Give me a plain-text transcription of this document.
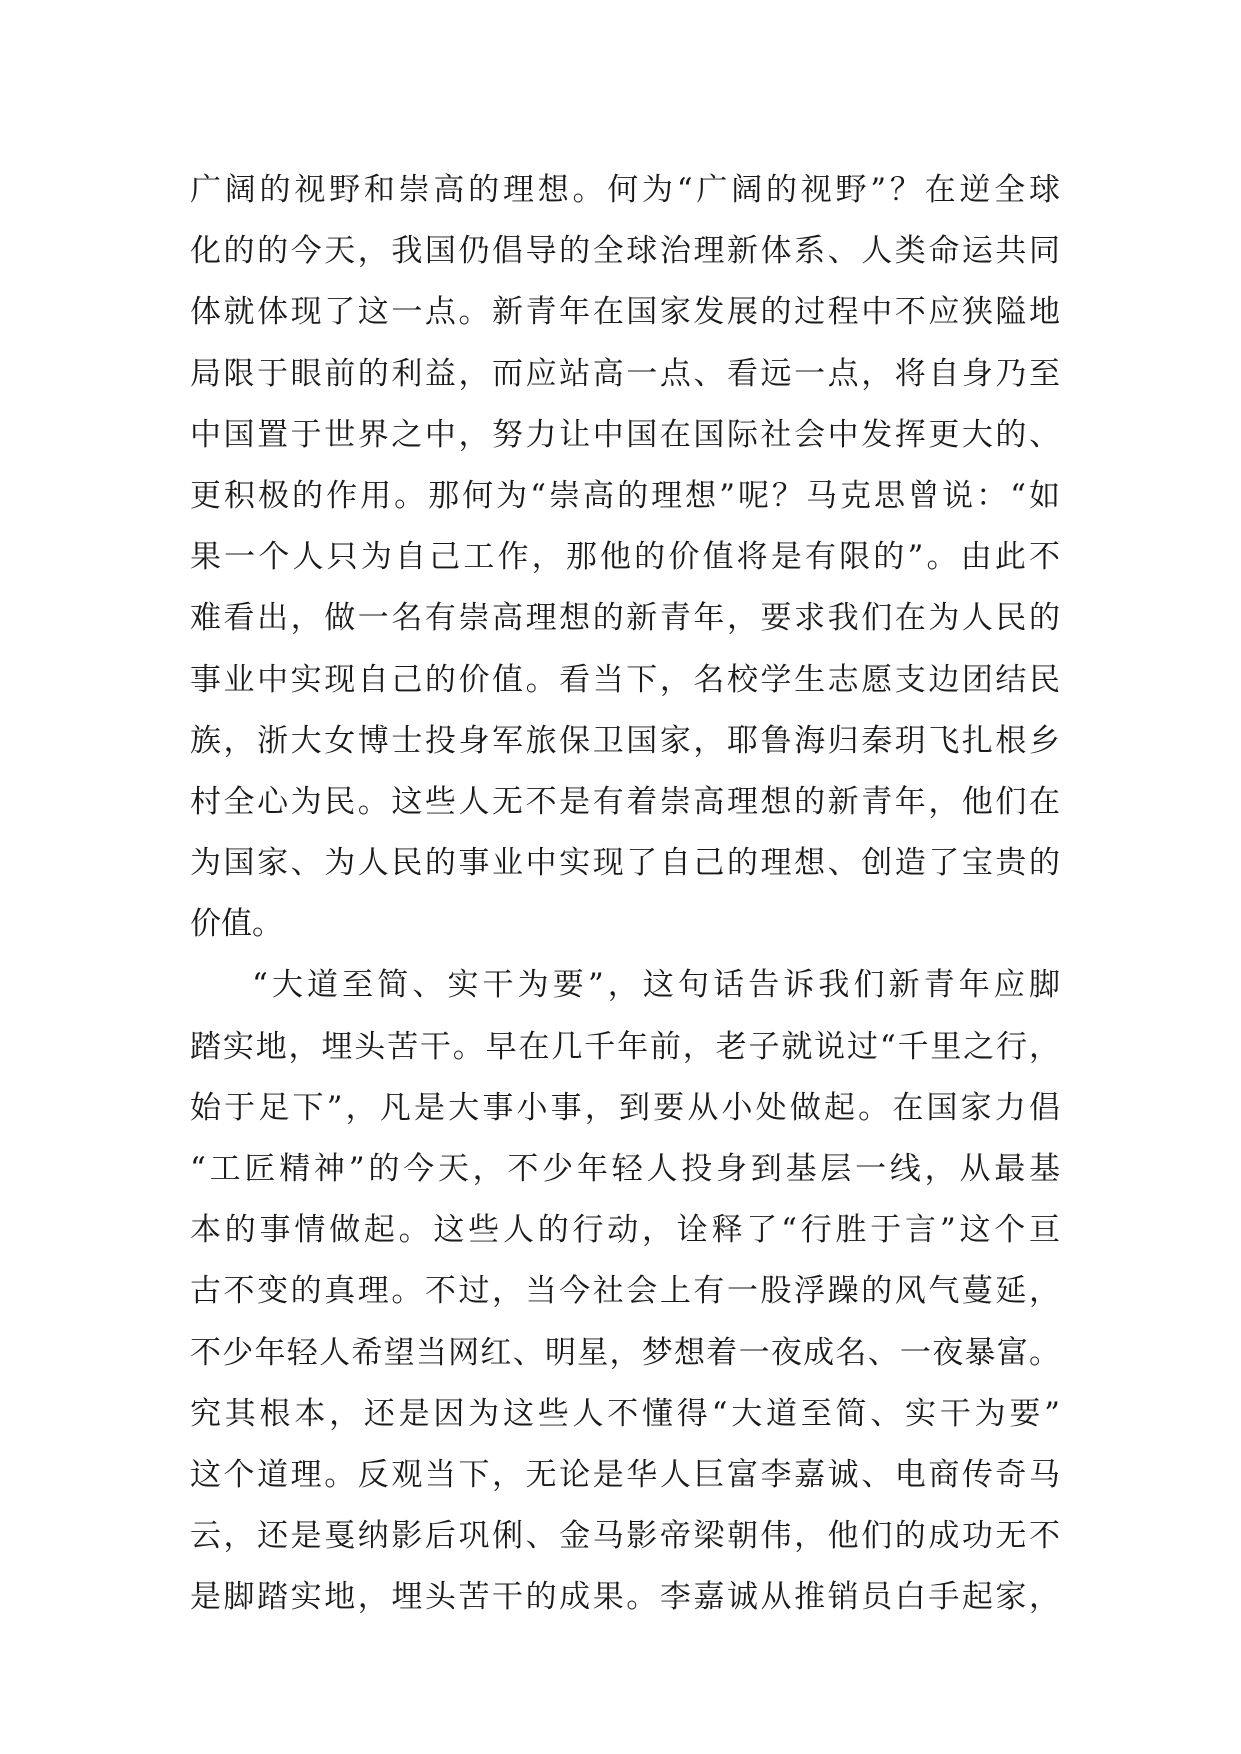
广阔的视野和崇高的理想。何为“广阔的视野”？在逆全球
化的的今天，我国仍倡导的全球治理新体系、人类命运共同
体就体现了这一点。新青年在国家发展的过程中不应狭隘地
局限于眼前的利益，而应站高一点、看远一点，将自身乃至
中国置于世界之中，努力让中国在国际社会中发挥更大的、
更积极的作用。那何为“崇高的理想”呢？马克思曾说：“如
果一个人只为自己工作，那他的价值将是有限的”。由此不
难看出，做一名有崇高理想的新青年，要求我们在为人民的
事业中实现自己的价值。看当下，名校学生志愿支边团结民
族，浙大女博士投身军旅保卫国家，耶鲁海归秦玥飞扎根乡
村全心为民。这些人无不是有着崇高理想的新青年，他们在
为国家、为人民的事业中实现了自己的理想、创造了宝贵的
价值。
“大道至简、实干为要”，这句话告诉我们新青年应脚
踏实地，埋头苦干。早在几千年前，老子就说过“千里之行，
始于足下”，凡是大事小事，到要从小处做起。在国家力倡
“工匠精神”的今天，不少年轻人投身到基层一线，从最基
本的事情做起。这些人的行动，诠释了“行胜于言”这个亘
古不变的真理。不过，当今社会上有一股浮躁的风气蔓延，
不少年轻人希望当网红、明星，梦想着一夜成名、一夜暴富。
究其根本，还是因为这些人不懂得“大道至简、实干为要”
这个道理。反观当下，无论是华人巨富李嘉诚、电商传奇马
云，还是戛纳影后巩俐、金马影帝梁朝伟，他们的成功无不
是脚踏实地，埋头苦干的成果。李嘉诚从推销员白手起家，
